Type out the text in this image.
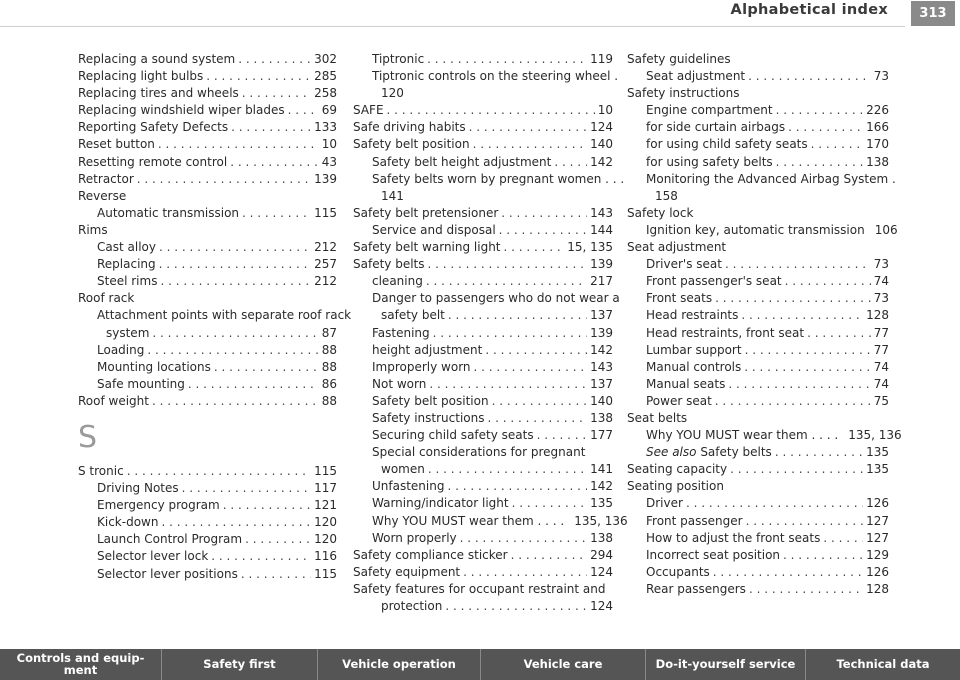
Alphabetical index	313
Replacing a sound system . . .	302
Replacing light bulbs . . .	285
Replacing tires and wheels . . .	258
Replacing windshield wiper blades . . .	69
Reporting Safety Defects . . .	133
Reset button . . .	10
Resetting remote control . . .	43
Retractor . . .	139
Reverse
Automatic transmission . . .	115
Rims
Cast alloy . . .	212
Replacing . . .	257
Steel rims . . .	212
Roof rack
Attachment points with separate roof rack
system . . .	87
Loading . . .	88
Mounting locations . . .	88
Safe mounting . . .	86
Roof weight . . .	88
S
S tronic . . .	115
Driving Notes . . .	117
Emergency program . . .	121
Kick-down . . .	120
Launch Control Program . . .	120
Selector lever lock . . .	116
Selector lever positions . . .	115
Tiptronic . . .	119
Tiptronic controls on the steering wheel .
120
SAFE . . .	10
Safe driving habits . . .	124
Safety belt position . . .	140
Safety belt height adjustment . . .	142
Safety belts worn by pregnant women . . .
141
Safety belt pretensioner . . .	143
Service and disposal . . .	144
Safety belt warning light . . .	15, 135
Safety belts . . .	139
cleaning . . .	217
Danger to passengers who do not wear a
safety belt . . .	137
Fastening . . .	139
height adjustment . . .	142
Improperly worn . . .	143
Not worn . . .	137
Safety belt position . . .	140
Safety instructions . . .	138
Securing child safety seats . . .	177
Special considerations for pregnant
women . . .	141
Unfastening . . .	142
Warning/indicator light . . .	135
Why YOU MUST wear them . . . . 135, 136
Worn properly . . .	138
Safety compliance sticker . . .	294
Safety equipment . . .	124
Safety features for occupant restraint and
protection . . .	124
Safety guidelines
Seat adjustment . . .	73
Safety instructions
Engine compartment . . .	226
for side curtain airbags . . .	166
for using child safety seats . . .	170
for using safety belts . . .	138
Monitoring the Advanced Airbag System .
158
Safety lock
Ignition key, automatic transmission 106
Seat adjustment
Driver's seat . . .	73
Front passenger's seat . . .	74
Front seats . . .	73
Head restraints . . .	128
Head restraints, front seat . . .	77
Lumbar support . . .	77
Manual controls . . .	74
Manual seats . . .	74
Power seat . . .	75
Seat belts
Why YOU MUST wear them . . . . 135, 136
See also Safety belts . . .	135
Seating capacity . . .	135
Seating position
Driver . . .	126
Front passenger . . .	127
How to adjust the front seats . . .	127
Incorrect seat position . . .	129
Occupants . . .	126
Rear passengers . . .	128
Controls and equip- ment	Safety first	Vehicle operation	Vehicle care	Do-it-yourself service	Technical data
